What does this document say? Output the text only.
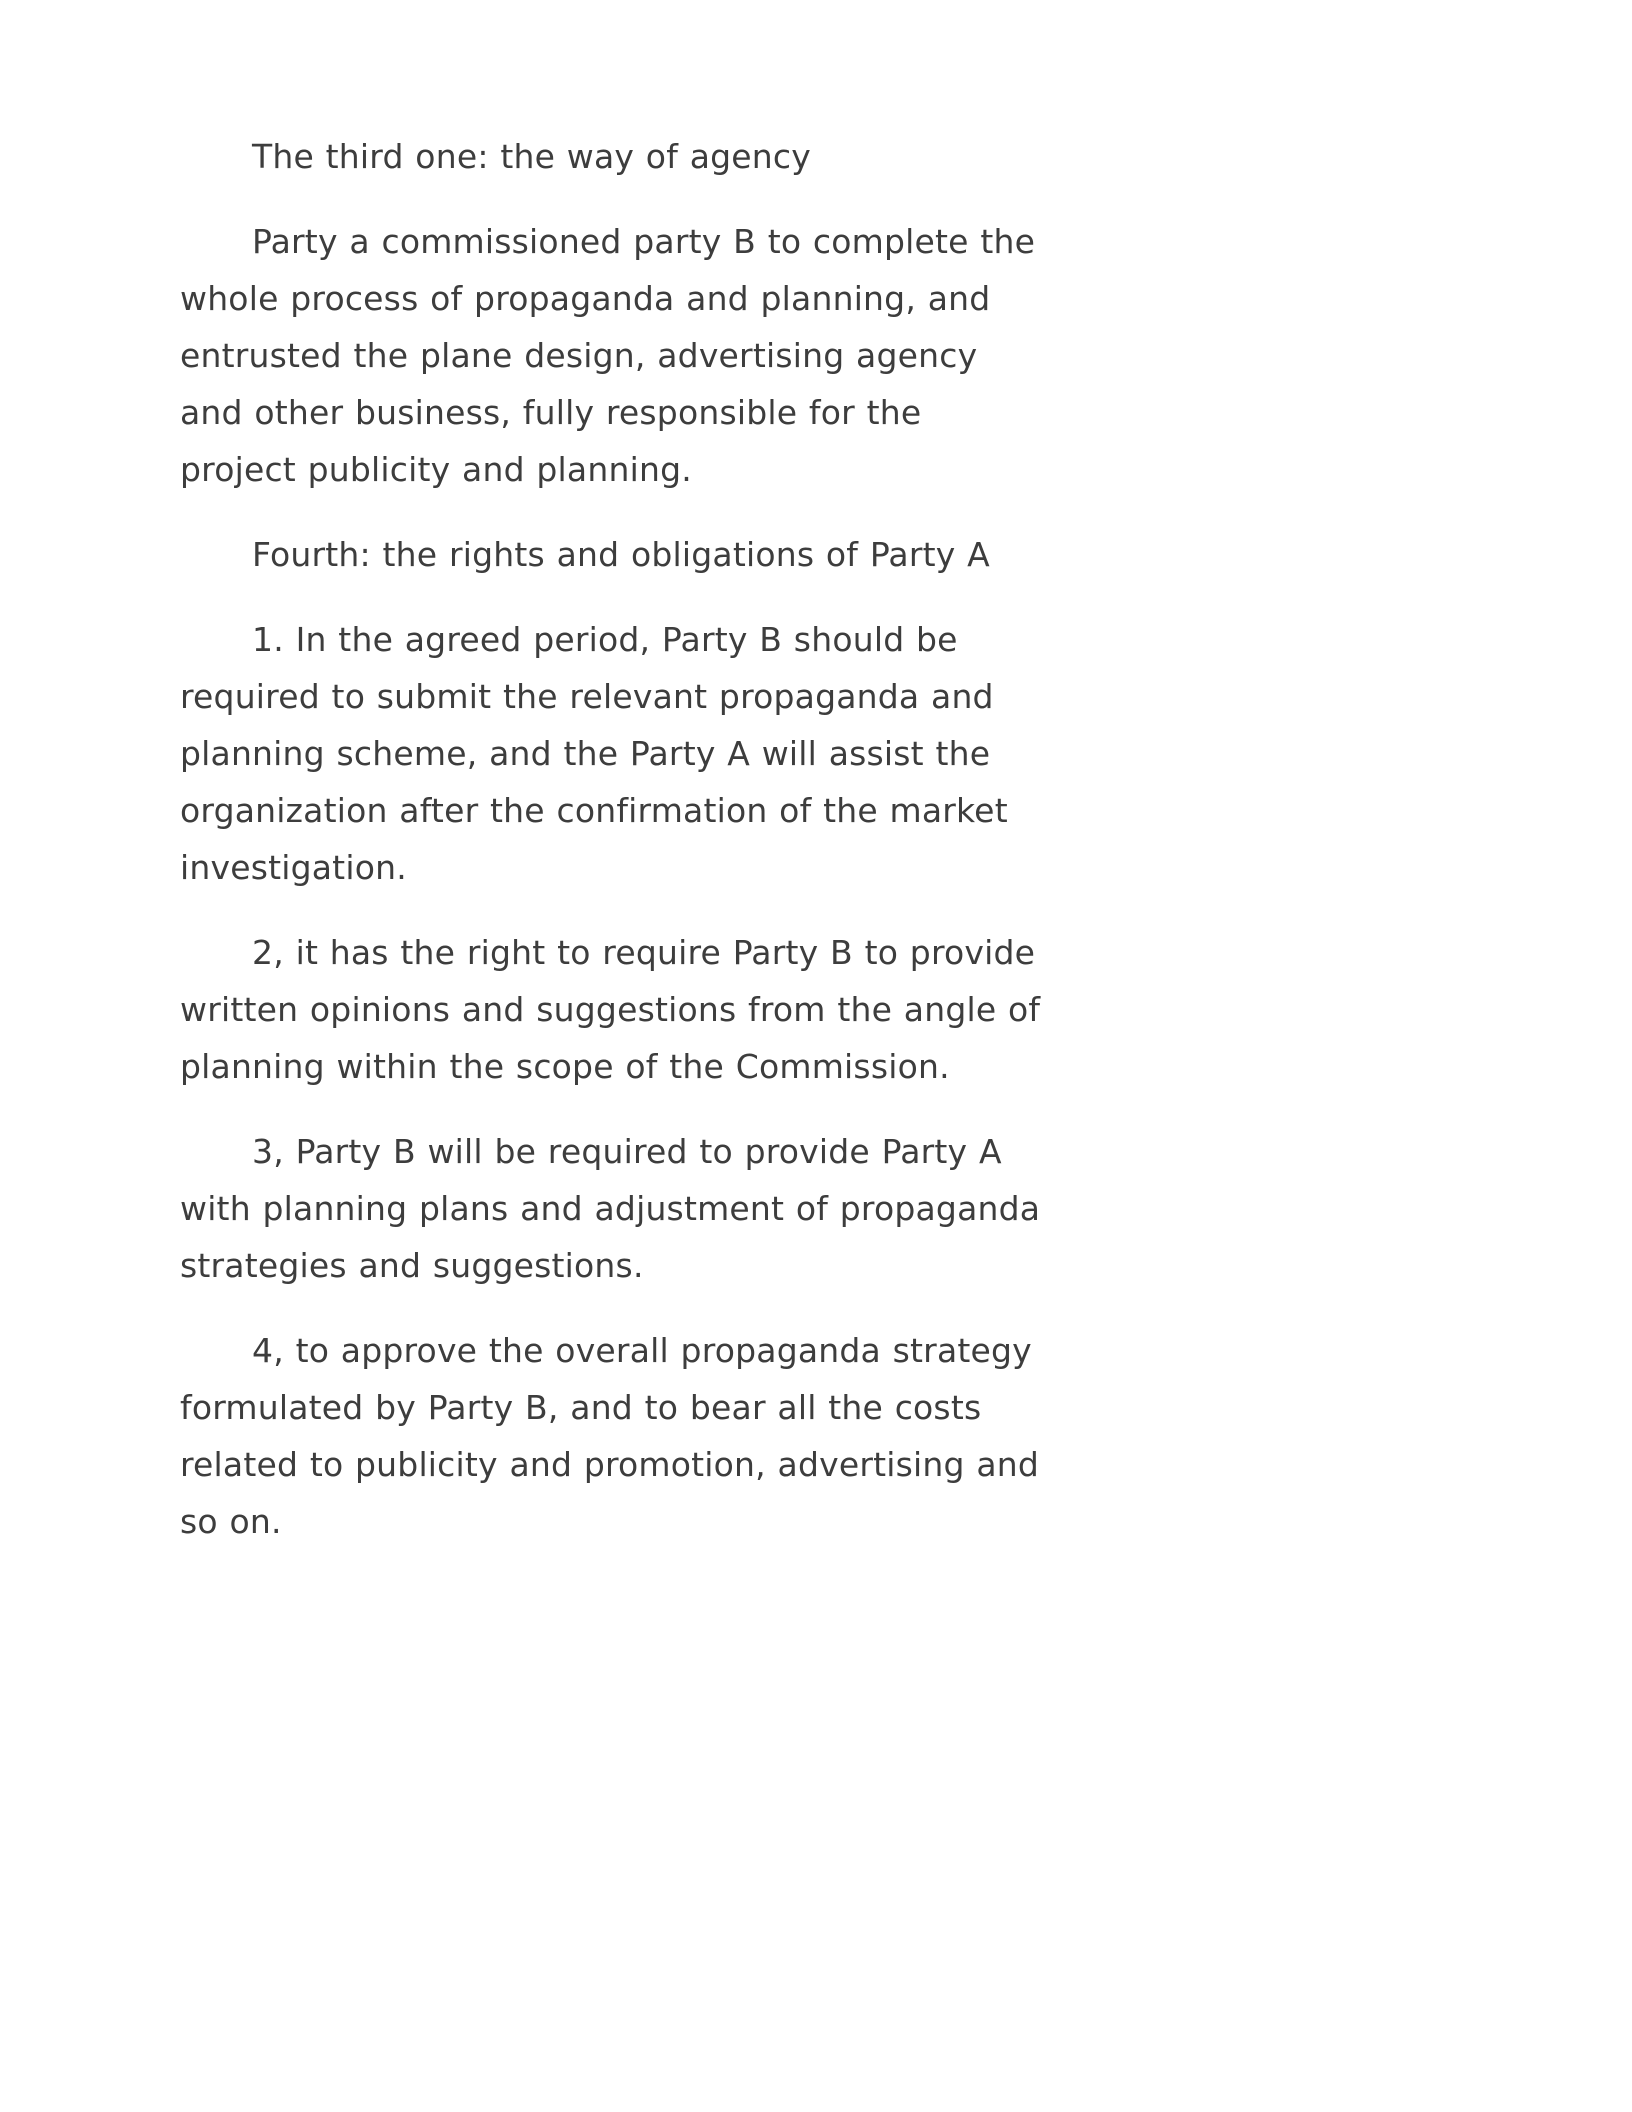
The third one: the way of agency

Party a commissioned party B to complete the whole process of propaganda and planning, and entrusted the plane design, advertising agency and other business, fully responsible for the project publicity and planning.

Fourth: the rights and obligations of Party A

1. In the agreed period, Party B should be required to submit the relevant propaganda and planning scheme, and the Party A will assist the organization after the confirmation of the market investigation.

2, it has the right to require Party B to provide written opinions and suggestions from the angle of planning within the scope of the Commission.

3, Party B will be required to provide Party A with planning plans and adjustment of propaganda strategies and suggestions.

4, to approve the overall propaganda strategy formulated by Party B, and to bear all the costs related to publicity and promotion, advertising and so on.
